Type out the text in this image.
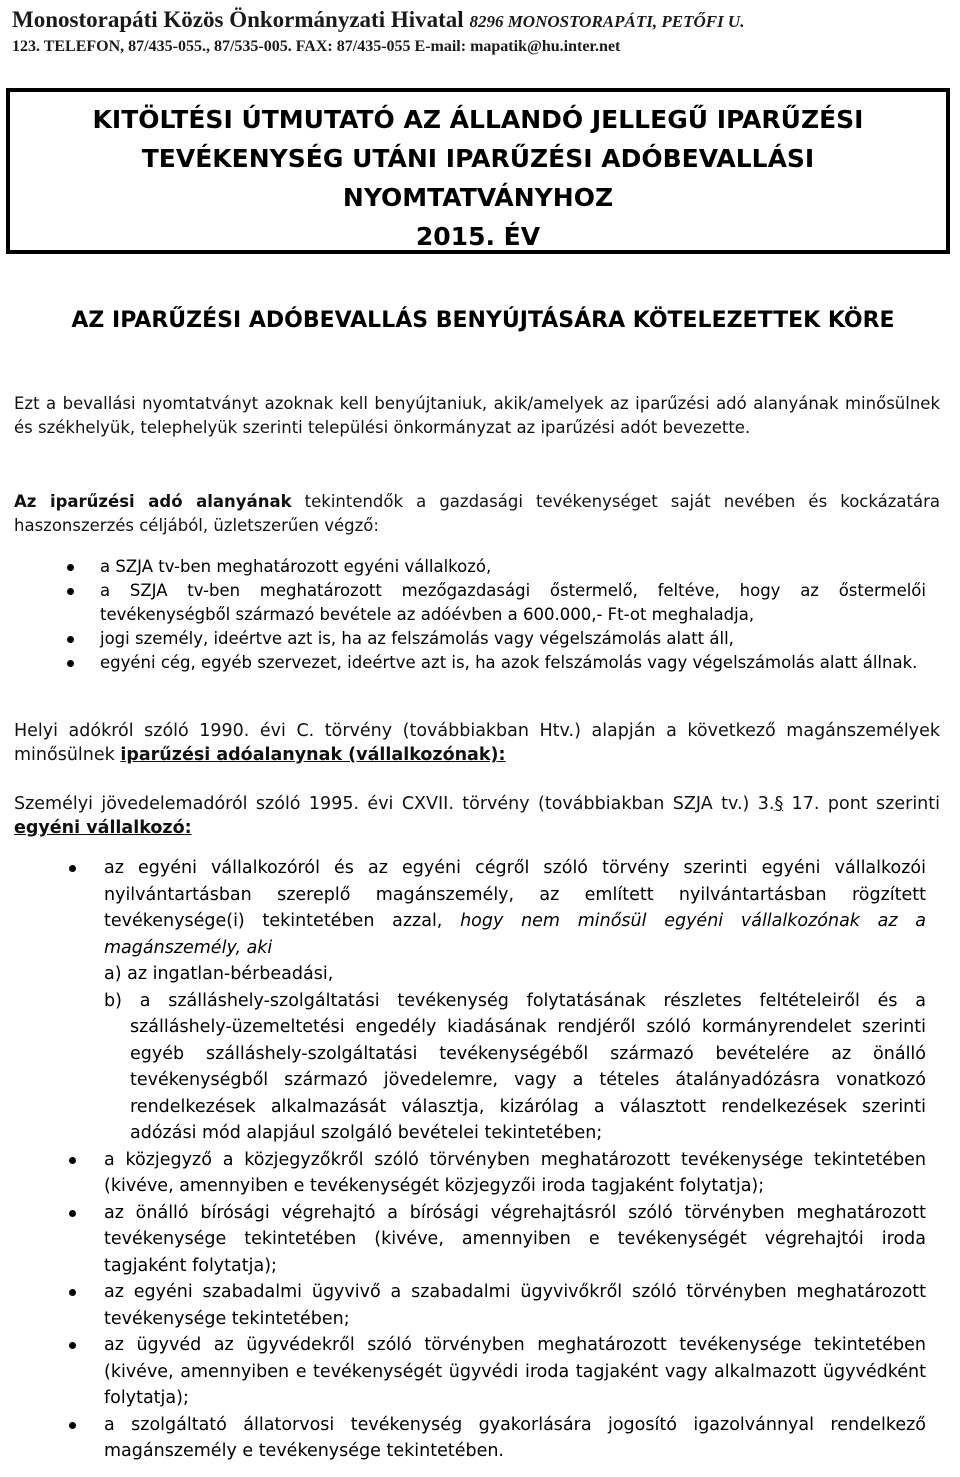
Monostorapáti Közös Önkormányzati Hivatal 8296 MONOSTORAPÁTI, PETŐFI U.
123. TELEFON, 87/435-055., 87/535-005. FAX: 87/435-055 E-mail: mapatik@hu.inter.net
KITÖLTÉSI ÚTMUTATÓ AZ ÁLLANDÓ JELLEGŰ IPARŰZÉSI
TEVÉKENYSÉG UTÁNI IPARŰZÉSI ADÓBEVALLÁSI
NYOMTATVÁNYHOZ
2015. ÉV
AZ IPARŰZÉSI ADÓBEVALLÁS BENYÚJTÁSÁRA KÖTELEZETTEK KÖRE
Ezt a bevallási nyomtatványt azoknak kell benyújtaniuk, akik/amelyek az iparűzési adó alanyának minősülnek és székhelyük, telephelyük szerinti települési önkormányzat az iparűzési adót bevezette.
Az iparűzési adó alanyának tekintendők a gazdasági tevékenységet saját nevében és kockázatára haszonszerzés céljából, üzletszerűen végző:
a SZJA tv-ben meghatározott egyéni vállalkozó,
a SZJA tv-ben meghatározott mezőgazdasági őstermelő, feltéve, hogy az őstermelői tevékenységből származó bevétele az adóévben a 600.000,- Ft-ot meghaladja,
jogi személy, ideértve azt is, ha az felszámolás vagy végelszámolás alatt áll,
egyéni cég, egyéb szervezet, ideértve azt is, ha azok felszámolás vagy végelszámolás alatt állnak.
Helyi adókról szóló 1990. évi C. törvény (továbbiakban Htv.) alapján a következő magánszemélyek minősülnek iparűzési adóalanynak (vállalkozónak):
Személyi jövedelemadóról szóló 1995. évi CXVII. törvény (továbbiakban SZJA tv.) 3.§ 17. pont szerinti egyéni vállalkozó:
az egyéni vállalkozóról és az egyéni cégről szóló törvény szerinti egyéni vállalkozói nyilvántartásban szereplő magánszemély, az említett nyilvántartásban rögzített tevékenysége(i) tekintetében azzal, hogy nem minősül egyéni vállalkozónak az a magánszemély, aki
a) az ingatlan-bérbeadási,
b) a szálláshely-szolgáltatási tevékenység folytatásának részletes feltételeiről és a szálláshely-üzemeltetési engedély kiadásának rendjéről szóló kormányrendelet szerinti egyéb szálláshely-szolgáltatási tevékenységéből származó bevételére az önálló tevékenységből származó jövedelemre, vagy a tételes átalányadózásra vonatkozó rendelkezések alkalmazását választja, kizárólag a választott rendelkezések szerinti adózási mód alapjául szolgáló bevételei tekintetében;
a közjegyző a közjegyzőkről szóló törvényben meghatározott tevékenysége tekintetében (kivéve, amennyiben e tevékenységét közjegyzői iroda tagjaként folytatja);
az önálló bírósági végrehajtó a bírósági végrehajtásról szóló törvényben meghatározott tevékenysége tekintetében (kivéve, amennyiben e tevékenységét végrehajtói iroda tagjaként folytatja);
az egyéni szabadalmi ügyvivő a szabadalmi ügyvivőkről szóló törvényben meghatározott tevékenysége tekintetében;
az ügyvéd az ügyvédekről szóló törvényben meghatározott tevékenysége tekintetében (kivéve, amennyiben e tevékenységét ügyvédi iroda tagjaként vagy alkalmazott ügyvédként folytatja);
a szolgáltató állatorvosi tevékenység gyakorlására jogosító igazolvánnyal rendelkező magánszemély e tevékenysége tekintetében.
